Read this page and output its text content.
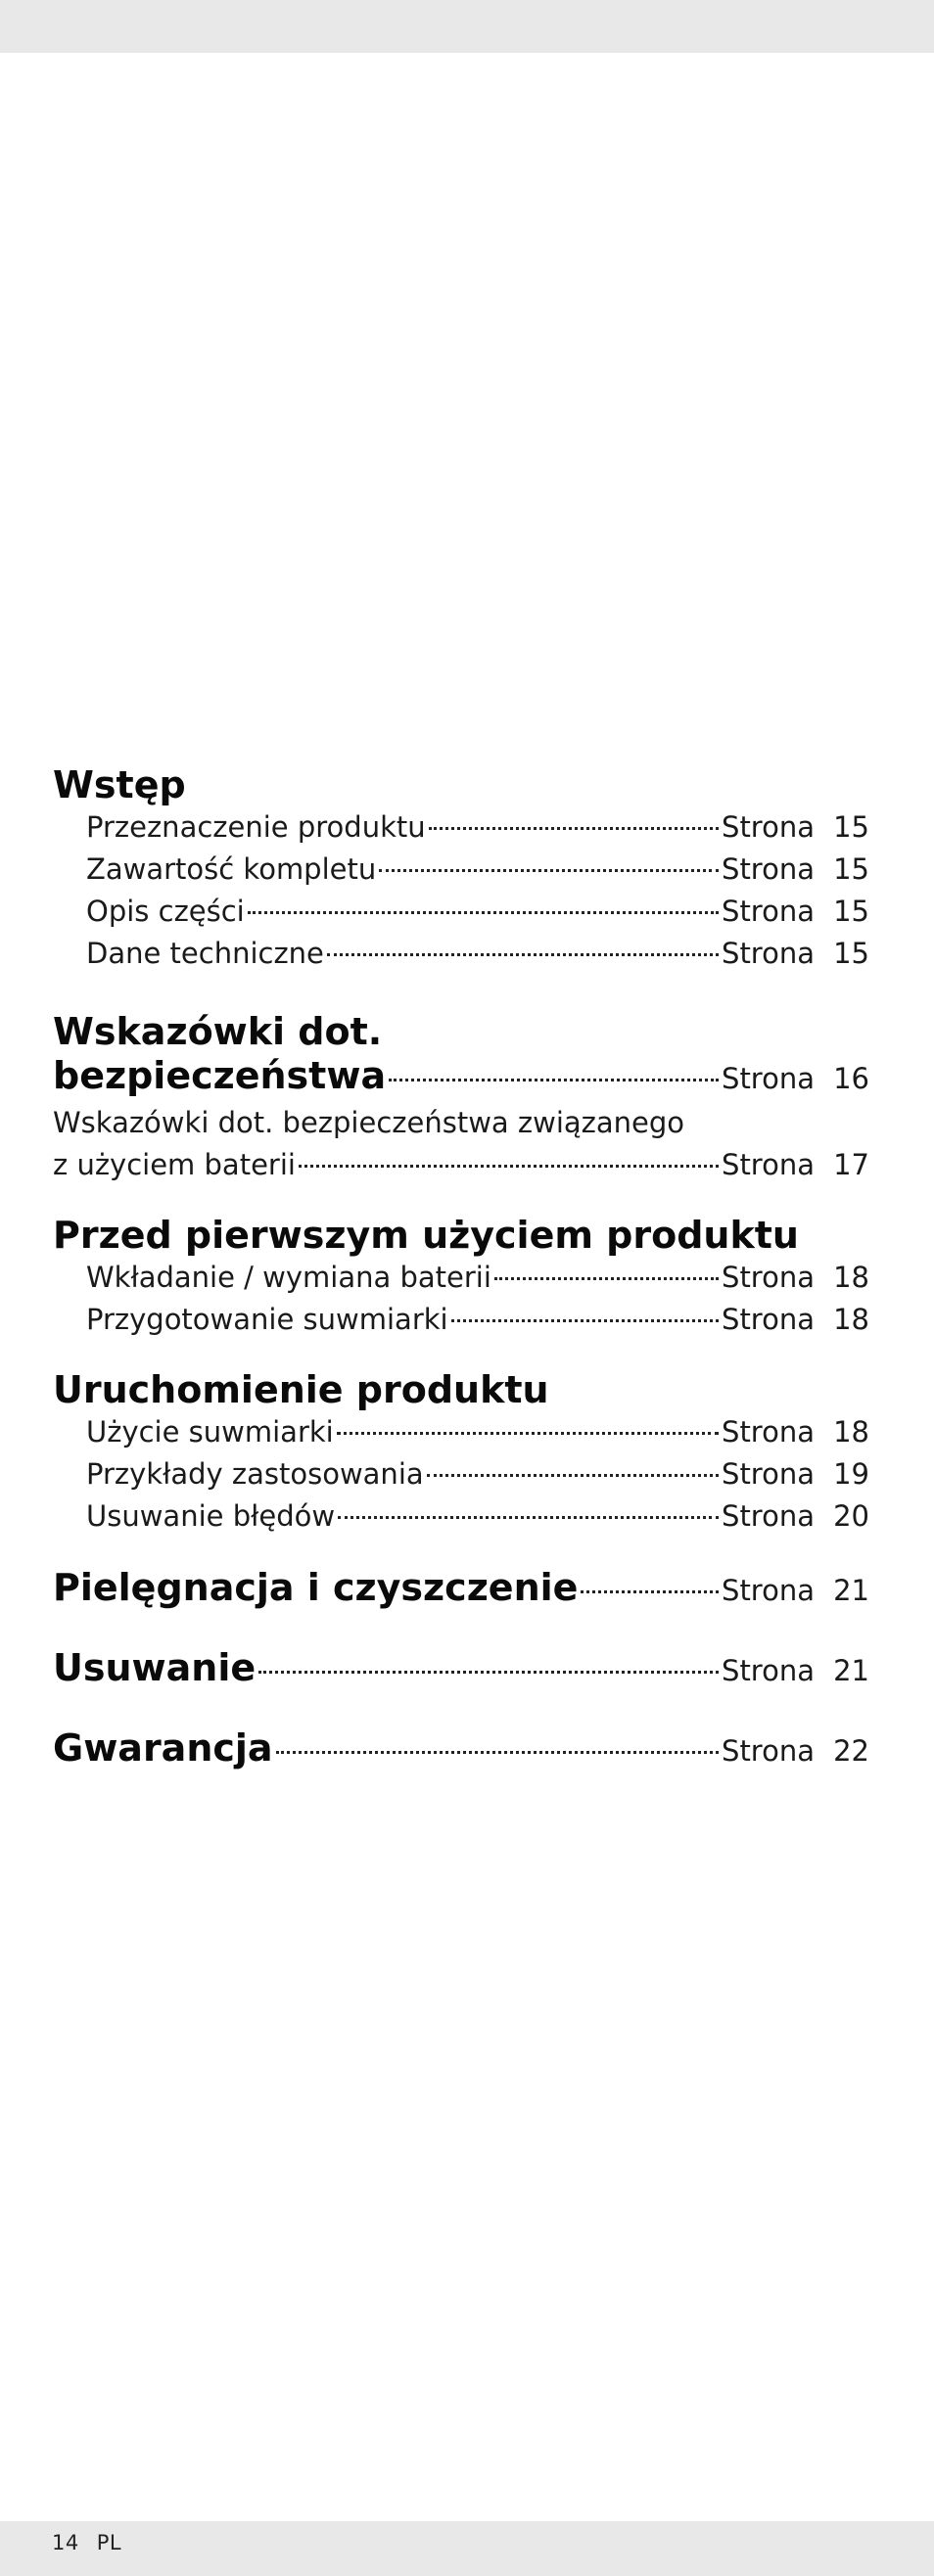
Wstęp
Przeznaczenie produktu	Strona 15
Zawartość kompletu	Strona 15
Opis części	Strona 15
Dane techniczne	Strona 15
Wskazówki dot.
bezpieczeństwa	Strona 16
Wskazówki dot. bezpieczeństwa związanego
z użyciem baterii	Strona 17
Przed pierwszym użyciem produktu
Wkładanie / wymiana baterii	Strona 18
Przygotowanie suwmiarki	Strona 18
Uruchomienie produktu
Użycie suwmiarki	Strona 18
Przykłady zastosowania	Strona 19
Usuwanie błędów	Strona 20
Pielęgnacja i czyszczenie	Strona 21
Usuwanie	Strona 21
Gwarancja	Strona 22
14 PL
